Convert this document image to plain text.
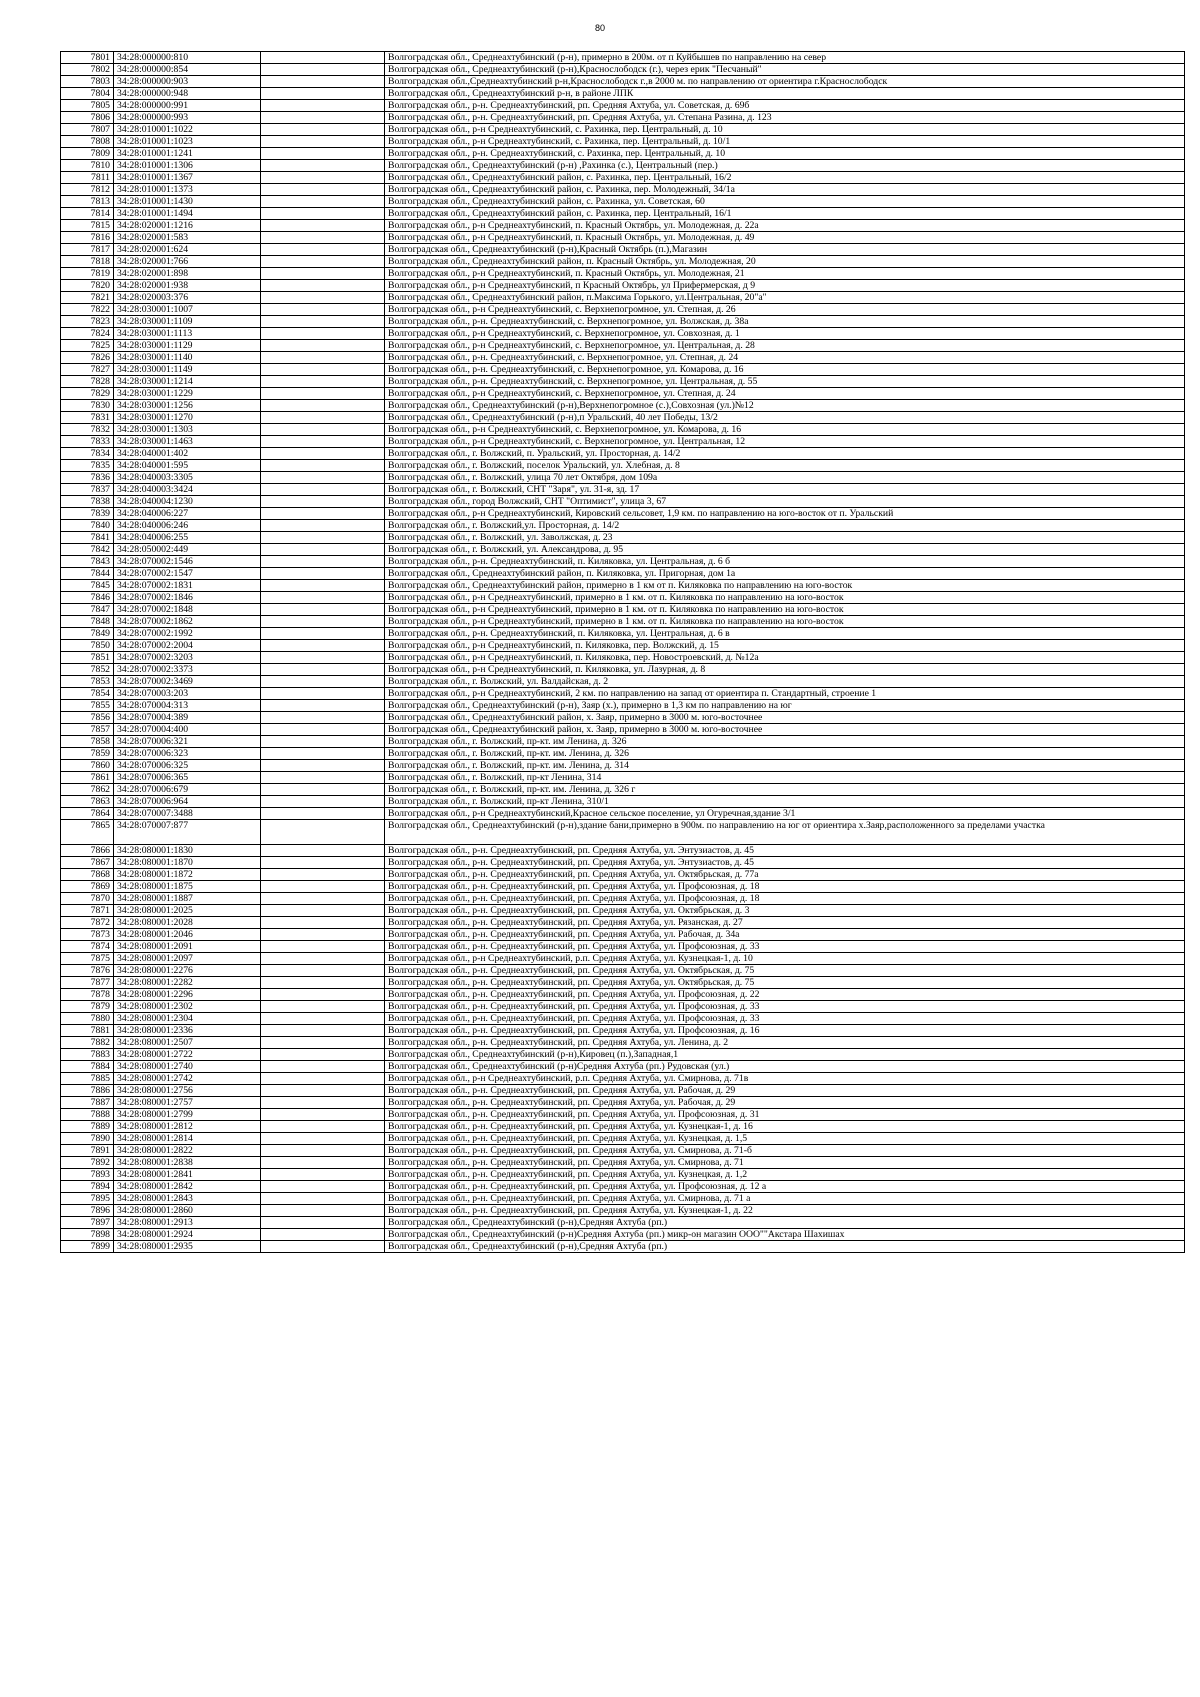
80
7801	34:28:000000:810		Волгоградская обл., Среднеахтубинский (р-н), примерно в 200м. от п Куйбышев по направлению на север
7802	34:28:000000:854		Волгоградская обл., Среднеахтубинский (р-н),Краснослободск (г.), через ерик "Песчаный"
7803	34:28:000000:903		Волгоградская обл.,Среднеахтубинский р-н,Краснослободск г.,в 2000 м. по направлению от ориентира г.Краснослободск
7804	34:28:000000:948		Волгоградская обл., Среднеахтубинский р-н, в районе ЛПК
7805	34:28:000000:991		Волгоградская обл., р-н. Среднеахтубинский, рп. Средняя Ахтуба, ул. Советская, д. 69б
7806	34:28:000000:993		Волгоградская обл., р-н. Среднеахтубинский, рп. Средняя Ахтуба, ул. Степана Разина, д. 123
7807	34:28:010001:1022		Волгоградская обл., р-н Среднеахтубинский, с. Рахинка, пер. Центральный, д. 10
7808	34:28:010001:1023		Волгоградская обл., р-н Среднеахтубинский, с. Рахинка, пер. Центральный, д. 10/1
7809	34:28:010001:1241		Волгоградская обл., р-н. Среднеахтубинский, с. Рахинка, пер. Центральный, д. 10
7810	34:28:010001:1306		Волгоградская обл., Среднеахтубинский (р-н) ,Рахинка (с.), Центральный (пер.)
7811	34:28:010001:1367		Волгоградская обл., Среднеахтубинский район, с. Рахинка, пер. Центральный, 16/2
7812	34:28:010001:1373		Волгоградская обл., Среднеахтубинский район, с. Рахинка, пер. Молодежный, 34/1а
7813	34:28:010001:1430		Волгоградская обл., Среднеахтубинский район, с. Рахинка, ул. Советская, 60
7814	34:28:010001:1494		Волгоградская обл., Среднеахтубинский район, с. Рахинка, пер. Центральный, 16/1
7815	34:28:020001:1216		Волгоградская обл., р-н Среднеахтубинский, п. Красный Октябрь, ул. Молодежная, д. 22а
7816	34:28:020001:583		Волгоградская обл., р-н Среднеахтубинский, п. Красный Октябрь, ул. Молодежная, д. 49
7817	34:28:020001:624		Волгоградская обл., Среднеахтубинский (р-н),Красный Октябрь (п.),Магазин
7818	34:28:020001:766		Волгоградская обл., Среднеахтубинский район, п. Красный Октябрь, ул. Молодежная, 20
7819	34:28:020001:898		Волгоградская обл., р-н Среднеахтубинский, п. Красный Октябрь, ул. Молодежная, 21
7820	34:28:020001:938		Волгоградская обл., р-н Среднеахтубинский, п Красный Октябрь, ул Прифермерская, д 9
7821	34:28:020003:376		Волгоградская обл., Среднеахтубинский район, п.Максима Горького, ул.Центральная, 20"а"
7822	34:28:030001:1007		Волгоградская обл., р-н Среднеахтубинский, с. Верхнепогромное, ул. Степная, д. 26
7823	34:28:030001:1109		Волгоградская обл., р-н. Среднеахтубинский, с. Верхнепогромное, ул. Волжская, д. 38а
7824	34:28:030001:1113		Волгоградская обл., р-н Среднеахтубинский, с. Верхнепогромное, ул. Совхозная, д. 1
7825	34:28:030001:1129		Волгоградская обл., р-н Среднеахтубинский, с. Верхнепогромное, ул. Центральная, д. 28
7826	34:28:030001:1140		Волгоградская обл., р-н. Среднеахтубинский, с. Верхнепогромное, ул. Степная, д. 24
7827	34:28:030001:1149		Волгоградская обл., р-н. Среднеахтубинский, с. Верхнепогромное, ул. Комарова, д. 16
7828	34:28:030001:1214		Волгоградская обл., р-н. Среднеахтубинский, с. Верхнепогромное, ул. Центральная, д. 55
7829	34:28:030001:1229		Волгоградская обл., р-н Среднеахтубинский, с. Верхнепогромное, ул. Степная, д. 24
7830	34:28:030001:1256		Волгоградская обл., Среднеахтубинский (р-н),Верхнепогромное (с.),Совхозная (ул.)№12
7831	34:28:030001:1270		Волгоградская обл., Среднеахтубинский (р-н),п Уральский, 40 лет Победы, 13/2
7832	34:28:030001:1303		Волгоградская обл., р-н Среднеахтубинский, с. Верхнепогромное, ул. Комарова, д. 16
7833	34:28:030001:1463		Волгоградская обл., р-н Среднеахтубинский, с. Верхнепогромное, ул. Центральная, 12
7834	34:28:040001:402		Волгоградская обл., г. Волжский, п. Уральский, ул. Просторная, д. 14/2
7835	34:28:040001:595		Волгоградская обл., г. Волжский, поселок Уральский, ул. Хлебная, д. 8
7836	34:28:040003:3305		Волгоградская обл., г. Волжский, улица 70 лет Октября, дом 109а
7837	34:28:040003:3424		Волгоградская обл., г. Волжский, СНТ "Заря", ул. 31-я, зд. 17
7838	34:28:040004:1230		Волгоградская обл., город Волжский, СНТ "Оптимист", улица 3, 67
7839	34:28:040006:227		Волгоградская обл., р-н Среднеахтубинский, Кировский сельсовет, 1,9 км. по направлению на юго-восток от п. Уральский
7840	34:28:040006:246		Волгоградская обл., г. Волжский,ул. Просторная, д. 14/2
7841	34:28:040006:255		Волгоградская обл., г. Волжский, ул. Заволжская, д. 23
7842	34:28:050002:449		Волгоградская обл., г. Волжский, ул. Александрова, д. 95
7843	34:28:070002:1546		Волгоградская обл., р-н. Среднеахтубинский, п. Киляковка, ул. Центральная, д. 6 б
7844	34:28:070002:1547		Волгоградская обл., Среднеахтубинский район, п. Киляковка, ул. Пригорная, дом 1а
7845	34:28:070002:1831		Волгоградская обл., Среднеахтубинский район, примерно в 1 км от п. Киляковка по направлению на юго-восток
7846	34:28:070002:1846		Волгоградская обл., р-н Среднеахтубинский, примерно в 1 км. от п. Киляковка по направлению на юго-восток
7847	34:28:070002:1848		Волгоградская обл., р-н Среднеахтубинский, примерно в 1 км. от п. Киляковка по направлению на юго-восток
7848	34:28:070002:1862		Волгоградская обл., р-н Среднеахтубинский, примерно в 1 км. от п. Киляковка по направлению на юго-восток
7849	34:28:070002:1992		Волгоградская обл., р-н. Среднеахтубинский, п. Киляковка, ул. Центральная, д. 6 в
7850	34:28:070002:2004		Волгоградская обл., р-н Среднеахтубинский, п. Киляковка, пер. Волжский, д. 15
7851	34:28:070002:3203		Волгоградская обл., р-н Среднеахтубинский, п. Киляковка, пер. Новостроевский, д. №12а
7852	34:28:070002:3373		Волгоградская обл., р-н Среднеахтубинский, п. Киляковка, ул. Лазурная, д. 8
7853	34:28:070002:3469		Волгоградская обл., г. Волжский, ул. Валдайская, д. 2
7854	34:28:070003:203		Волгоградская обл., р-н Среднеахтубинский, 2 км. по направлению на запад от ориентира п. Стандартный, строение 1
7855	34:28:070004:313		Волгоградская обл., Среднеахтубинский (р-н), Заяр (х.), примерно в 1,3 км по направлению на юг
7856	34:28:070004:389		Волгоградская обл., Среднеахтубинский район, х. Заяр, примерно в 3000 м. юго-восточнее
7857	34:28:070004:400		Волгоградская обл., Среднеахтубинский район, х. Заяр, примерно в 3000 м. юго-восточнее
7858	34:28:070006:321		Волгоградская обл., г. Волжский, пр-кт. им Ленина, д. 326
7859	34:28:070006:323		Волгоградская обл., г. Волжский, пр-кт. им. Ленина, д. 326
7860	34:28:070006:325		Волгоградская обл., г. Волжский, пр-кт. им. Ленина, д. 314
7861	34:28:070006:365		Волгоградская обл., г. Волжский, пр-кт Ленина, 314
7862	34:28:070006:679		Волгоградская обл., г. Волжский, пр-кт. им. Ленина, д. 326 г
7863	34:28:070006:964		Волгоградская обл., г. Волжский, пр-кт Ленина, 310/1
7864	34:28:070007:3488		Волгоградская обл., р-н Среднеахтубинский,Красное сельское поселение, ул Огуречная,здание 3/1
7865	34:28:070007:877		Волгоградская обл., Среднеахтубинский (р-н),здание бани,примерно в 900м. по направлению на юг от ориентира х.Заяр,расположенного за пределами участка
7866	34:28:080001:1830		Волгоградская обл., р-н. Среднеахтубинский, рп. Средняя Ахтуба, ул. Энтузиастов, д. 45
7867	34:28:080001:1870		Волгоградская обл., р-н. Среднеахтубинский, рп. Средняя Ахтуба, ул. Энтузиастов, д. 45
7868	34:28:080001:1872		Волгоградская обл., р-н. Среднеахтубинский, рп. Средняя Ахтуба, ул. Октябрьская, д. 77а
7869	34:28:080001:1875		Волгоградская обл., р-н. Среднеахтубинский, рп. Средняя Ахтуба, ул. Профсоюзная, д. 18
7870	34:28:080001:1887		Волгоградская обл., р-н. Среднеахтубинский, рп. Средняя Ахтуба, ул. Профсоюзная, д. 18
7871	34:28:080001:2025		Волгоградская обл., р-н. Среднеахтубинский, рп. Средняя Ахтуба, ул. Октябрьская, д. 3
7872	34:28:080001:2028		Волгоградская обл., р-н. Среднеахтубинский, рп. Средняя Ахтуба, ул. Рязанская, д. 27
7873	34:28:080001:2046		Волгоградская обл., р-н. Среднеахтубинский, рп. Средняя Ахтуба, ул. Рабочая, д. 34а
7874	34:28:080001:2091		Волгоградская обл., р-н. Среднеахтубинский, рп. Средняя Ахтуба, ул. Профсоюзная, д. 33
7875	34:28:080001:2097		Волгоградская обл., р-н Среднеахтубинский, р.п. Средняя Ахтуба, ул. Кузнецкая-1, д. 10
7876	34:28:080001:2276		Волгоградская обл., р-н. Среднеахтубинский, рп. Средняя Ахтуба, ул. Октябрьская, д. 75
7877	34:28:080001:2282		Волгоградская обл., р-н. Среднеахтубинский, рп. Средняя Ахтуба, ул. Октябрьская, д. 75
7878	34:28:080001:2296		Волгоградская обл., р-н. Среднеахтубинский, рп. Средняя Ахтуба, ул. Профсоюзная, д. 22
7879	34:28:080001:2302		Волгоградская обл., р-н. Среднеахтубинский, рп. Средняя Ахтуба, ул. Профсоюзная, д. 33
7880	34:28:080001:2304		Волгоградская обл., р-н. Среднеахтубинский, рп. Средняя Ахтуба, ул. Профсоюзная, д. 33
7881	34:28:080001:2336		Волгоградская обл., р-н. Среднеахтубинский, рп. Средняя Ахтуба, ул. Профсоюзная, д. 16
7882	34:28:080001:2507		Волгоградская обл., р-н. Среднеахтубинский, рп. Средняя Ахтуба, ул. Ленина, д. 2
7883	34:28:080001:2722		Волгоградская обл., Среднеахтубинский (р-н),Кировец (п.),Западная,1
7884	34:28:080001:2740		Волгоградская обл., Среднеахтубинский (р-н)Средняя Ахтуба (рп.) Рудовская (ул.)
7885	34:28:080001:2742		Волгоградская обл., р-н Среднеахтубинский, р.п. Средняя Ахтуба, ул. Смирнова, д. 71в
7886	34:28:080001:2756		Волгоградская обл., р-н. Среднеахтубинский, рп. Средняя Ахтуба, ул. Рабочая, д. 29
7887	34:28:080001:2757		Волгоградская обл., р-н. Среднеахтубинский, рп. Средняя Ахтуба, ул. Рабочая, д. 29
7888	34:28:080001:2799		Волгоградская обл., р-н. Среднеахтубинский, рп. Средняя Ахтуба, ул. Профсоюзная, д. 31
7889	34:28:080001:2812		Волгоградская обл., р-н. Среднеахтубинский, рп. Средняя Ахтуба, ул. Кузнецкая-1, д. 16
7890	34:28:080001:2814		Волгоградская обл., р-н. Среднеахтубинский, рп. Средняя Ахтуба, ул. Кузнецкая, д. 1,5
7891	34:28:080001:2822		Волгоградская обл., р-н. Среднеахтубинский, рп. Средняя Ахтуба, ул. Смирнова, д. 71-б
7892	34:28:080001:2838		Волгоградская обл., р-н. Среднеахтубинский, рп. Средняя Ахтуба, ул. Смирнова, д. 71
7893	34:28:080001:2841		Волгоградская обл., р-н. Среднеахтубинский, рп. Средняя Ахтуба, ул. Кузнецкая, д. 1,2
7894	34:28:080001:2842		Волгоградская обл., р-н. Среднеахтубинский, рп. Средняя Ахтуба, ул. Профсоюзная, д. 12 а
7895	34:28:080001:2843		Волгоградская обл., р-н. Среднеахтубинский, рп. Средняя Ахтуба, ул. Смирнова, д. 71 а
7896	34:28:080001:2860		Волгоградская обл., р-н. Среднеахтубинский, рп. Средняя Ахтуба, ул. Кузнецкая-1, д. 22
7897	34:28:080001:2913		Волгоградская обл., Среднеахтубинский (р-н),Средняя Ахтуба (рп.)
7898	34:28:080001:2924		Волгоградская обл., Среднеахтубинский (р-н)Средняя Ахтуба (рп.) микр-он магазин ООО""Акстара Шахишах
7899	34:28:080001:2935		Волгоградская обл., Среднеахтубинский (р-н),Средняя Ахтуба (рп.)
